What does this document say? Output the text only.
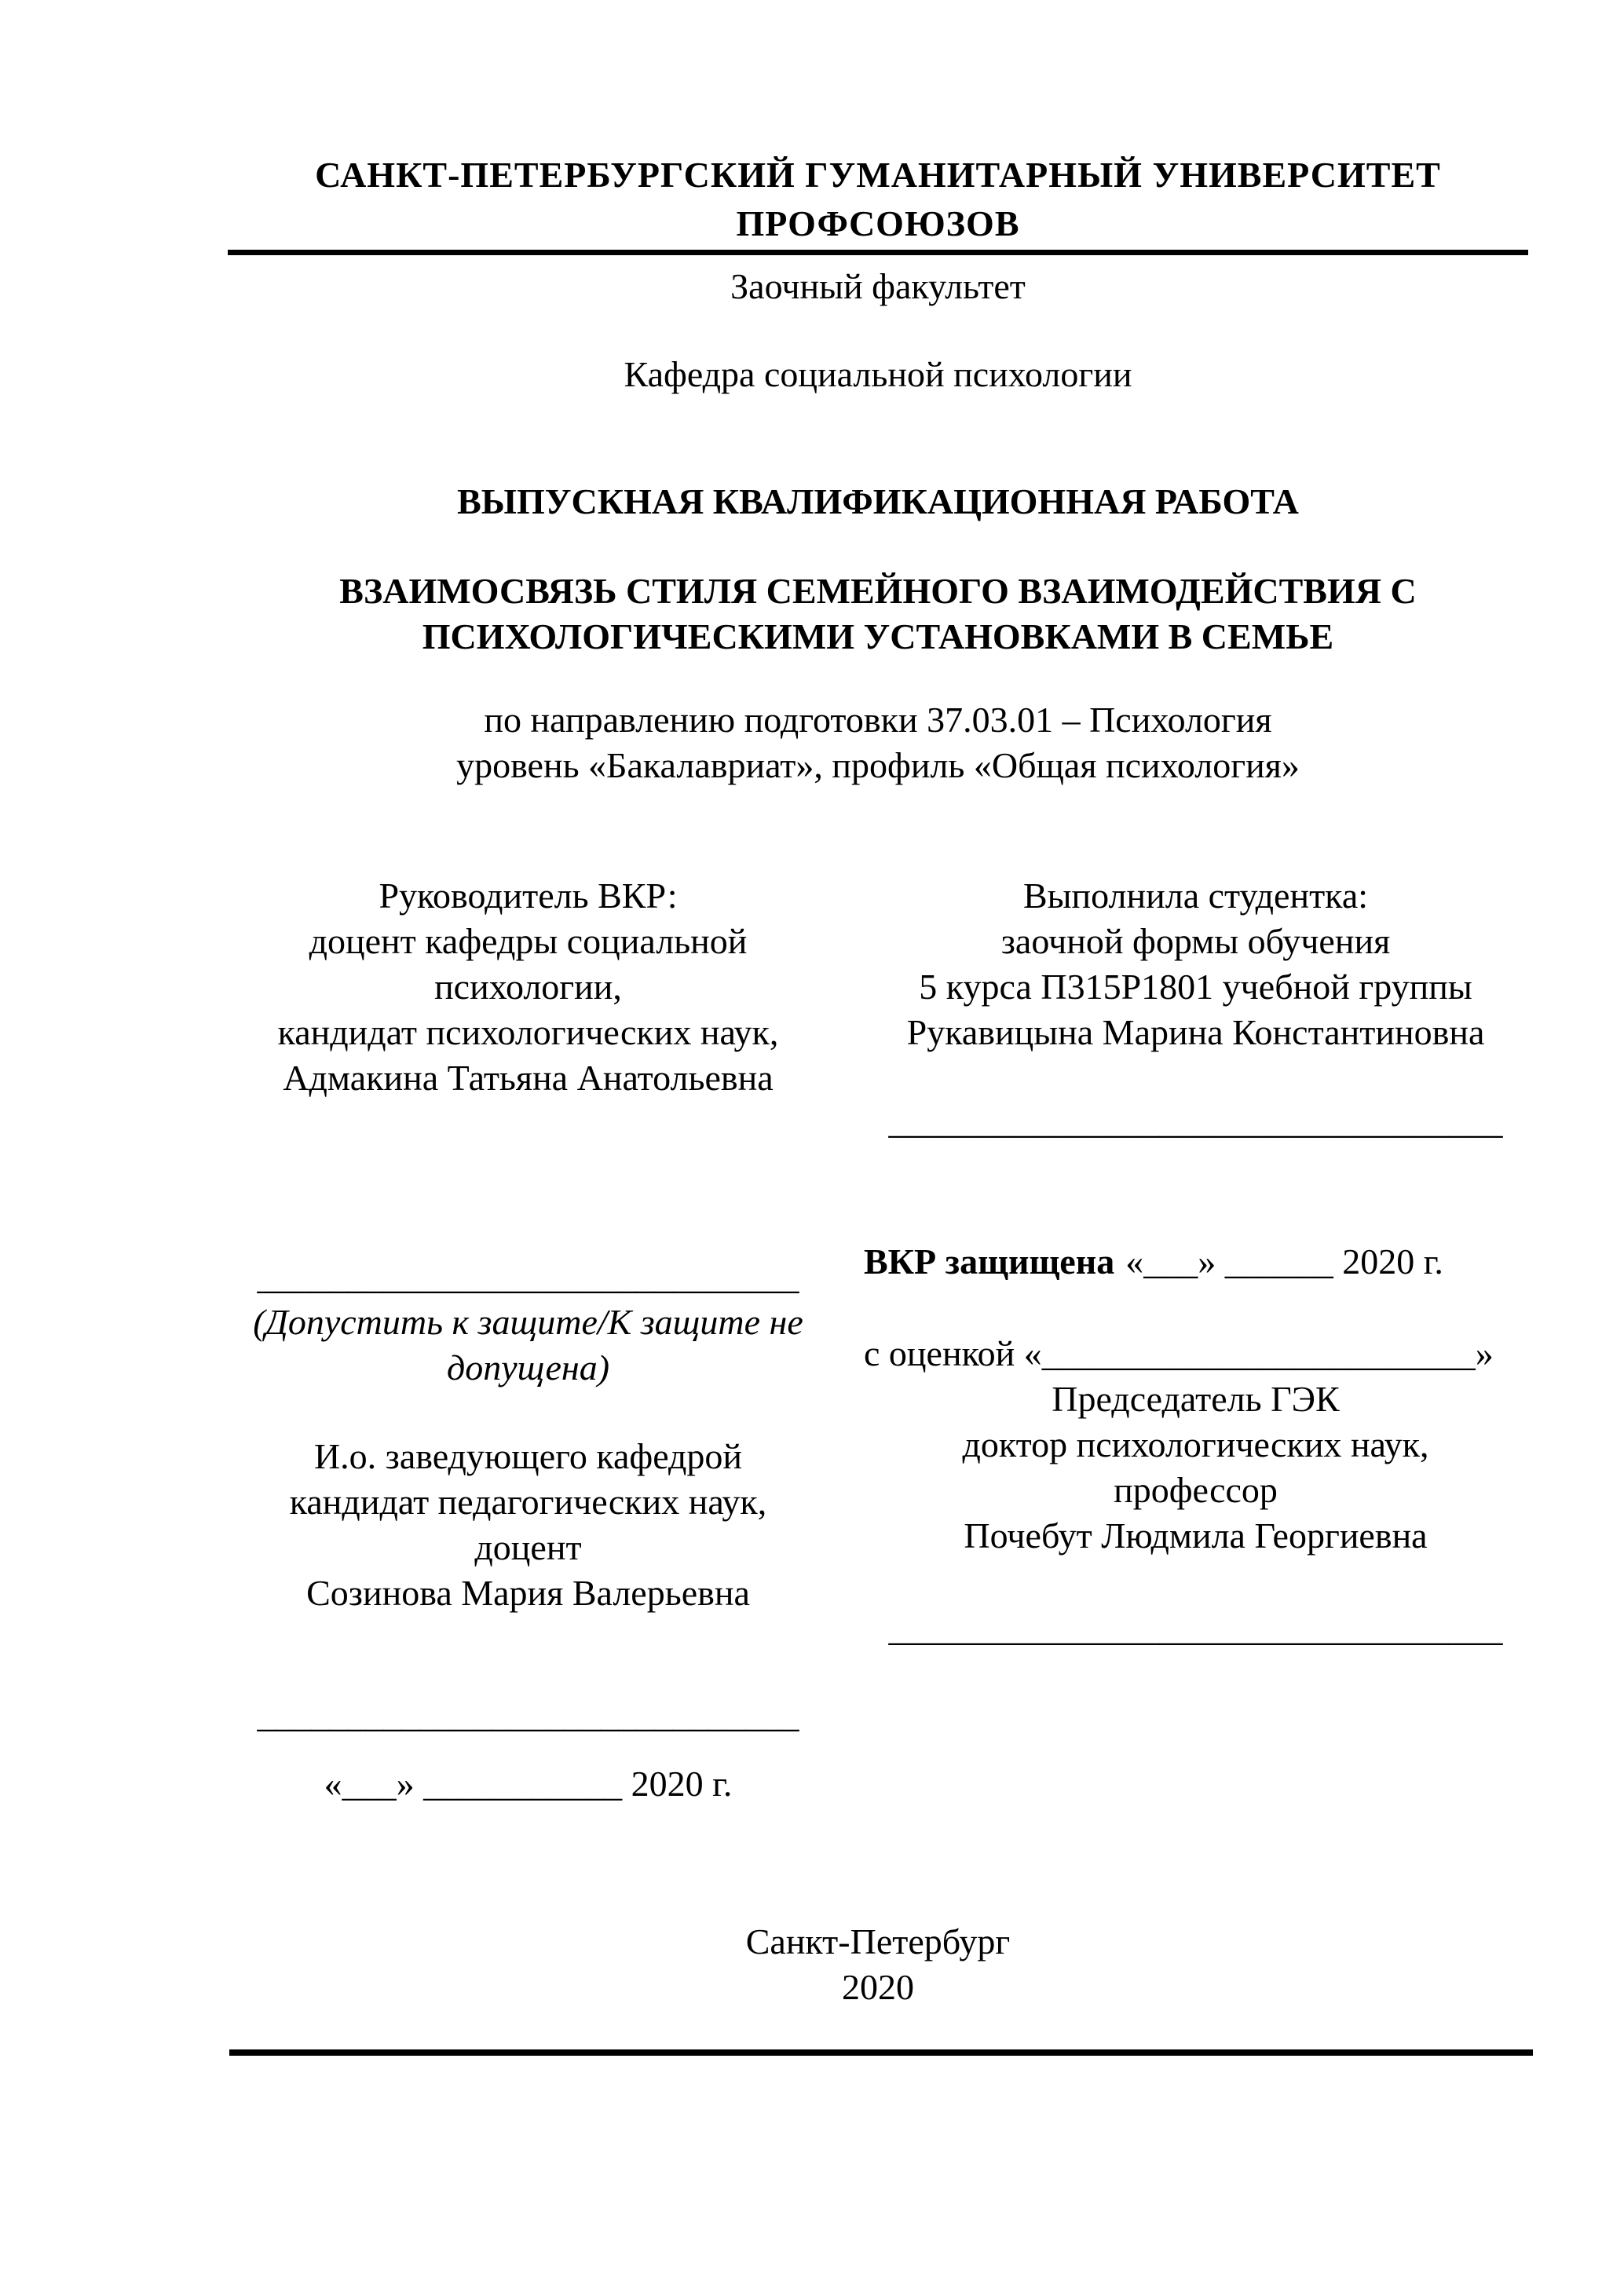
САНКТ-ПЕТЕРБУРГСКИЙ ГУМАНИТАРНЫЙ УНИВЕРСИТЕТ
ПРОФСОЮЗОВ
Заочный факультет
Кафедра социальной психологии
ВЫПУСКНАЯ КВАЛИФИКАЦИОННАЯ РАБОТА
ВЗАИМОСВЯЗЬ СТИЛЯ СЕМЕЙНОГО ВЗАИМОДЕЙСТВИЯ С
ПСИХОЛОГИЧЕСКИМИ УСТАНОВКАМИ В СЕМЬЕ
по направлению подготовки 37.03.01 – Психология
уровень «Бакалавриат», профиль «Общая психология»
Руководитель ВКР:
доцент кафедры социальной
психологии,
кандидат психологических наук,
Адмакина Татьяна Анатольевна
Выполнила студентка:
заочной формы обучения
5 курса П315Р1801 учебной группы
Рукавицына Марина Константиновна
__________________________________
______________________________
(Допустить к защите/К защите не допущена)
И.о. заведующего кафедрой
кандидат педагогических наук,
доцент
Созинова Мария Валерьевна
______________________________
«___» ___________ 2020 г.
ВКР защищена «___» ______ 2020 г.
с оценкой «________________________»
Председатель ГЭК
доктор психологических наук,
профессор
Почебут Людмила Георгиевна
__________________________________
Санкт-Петербург
2020
